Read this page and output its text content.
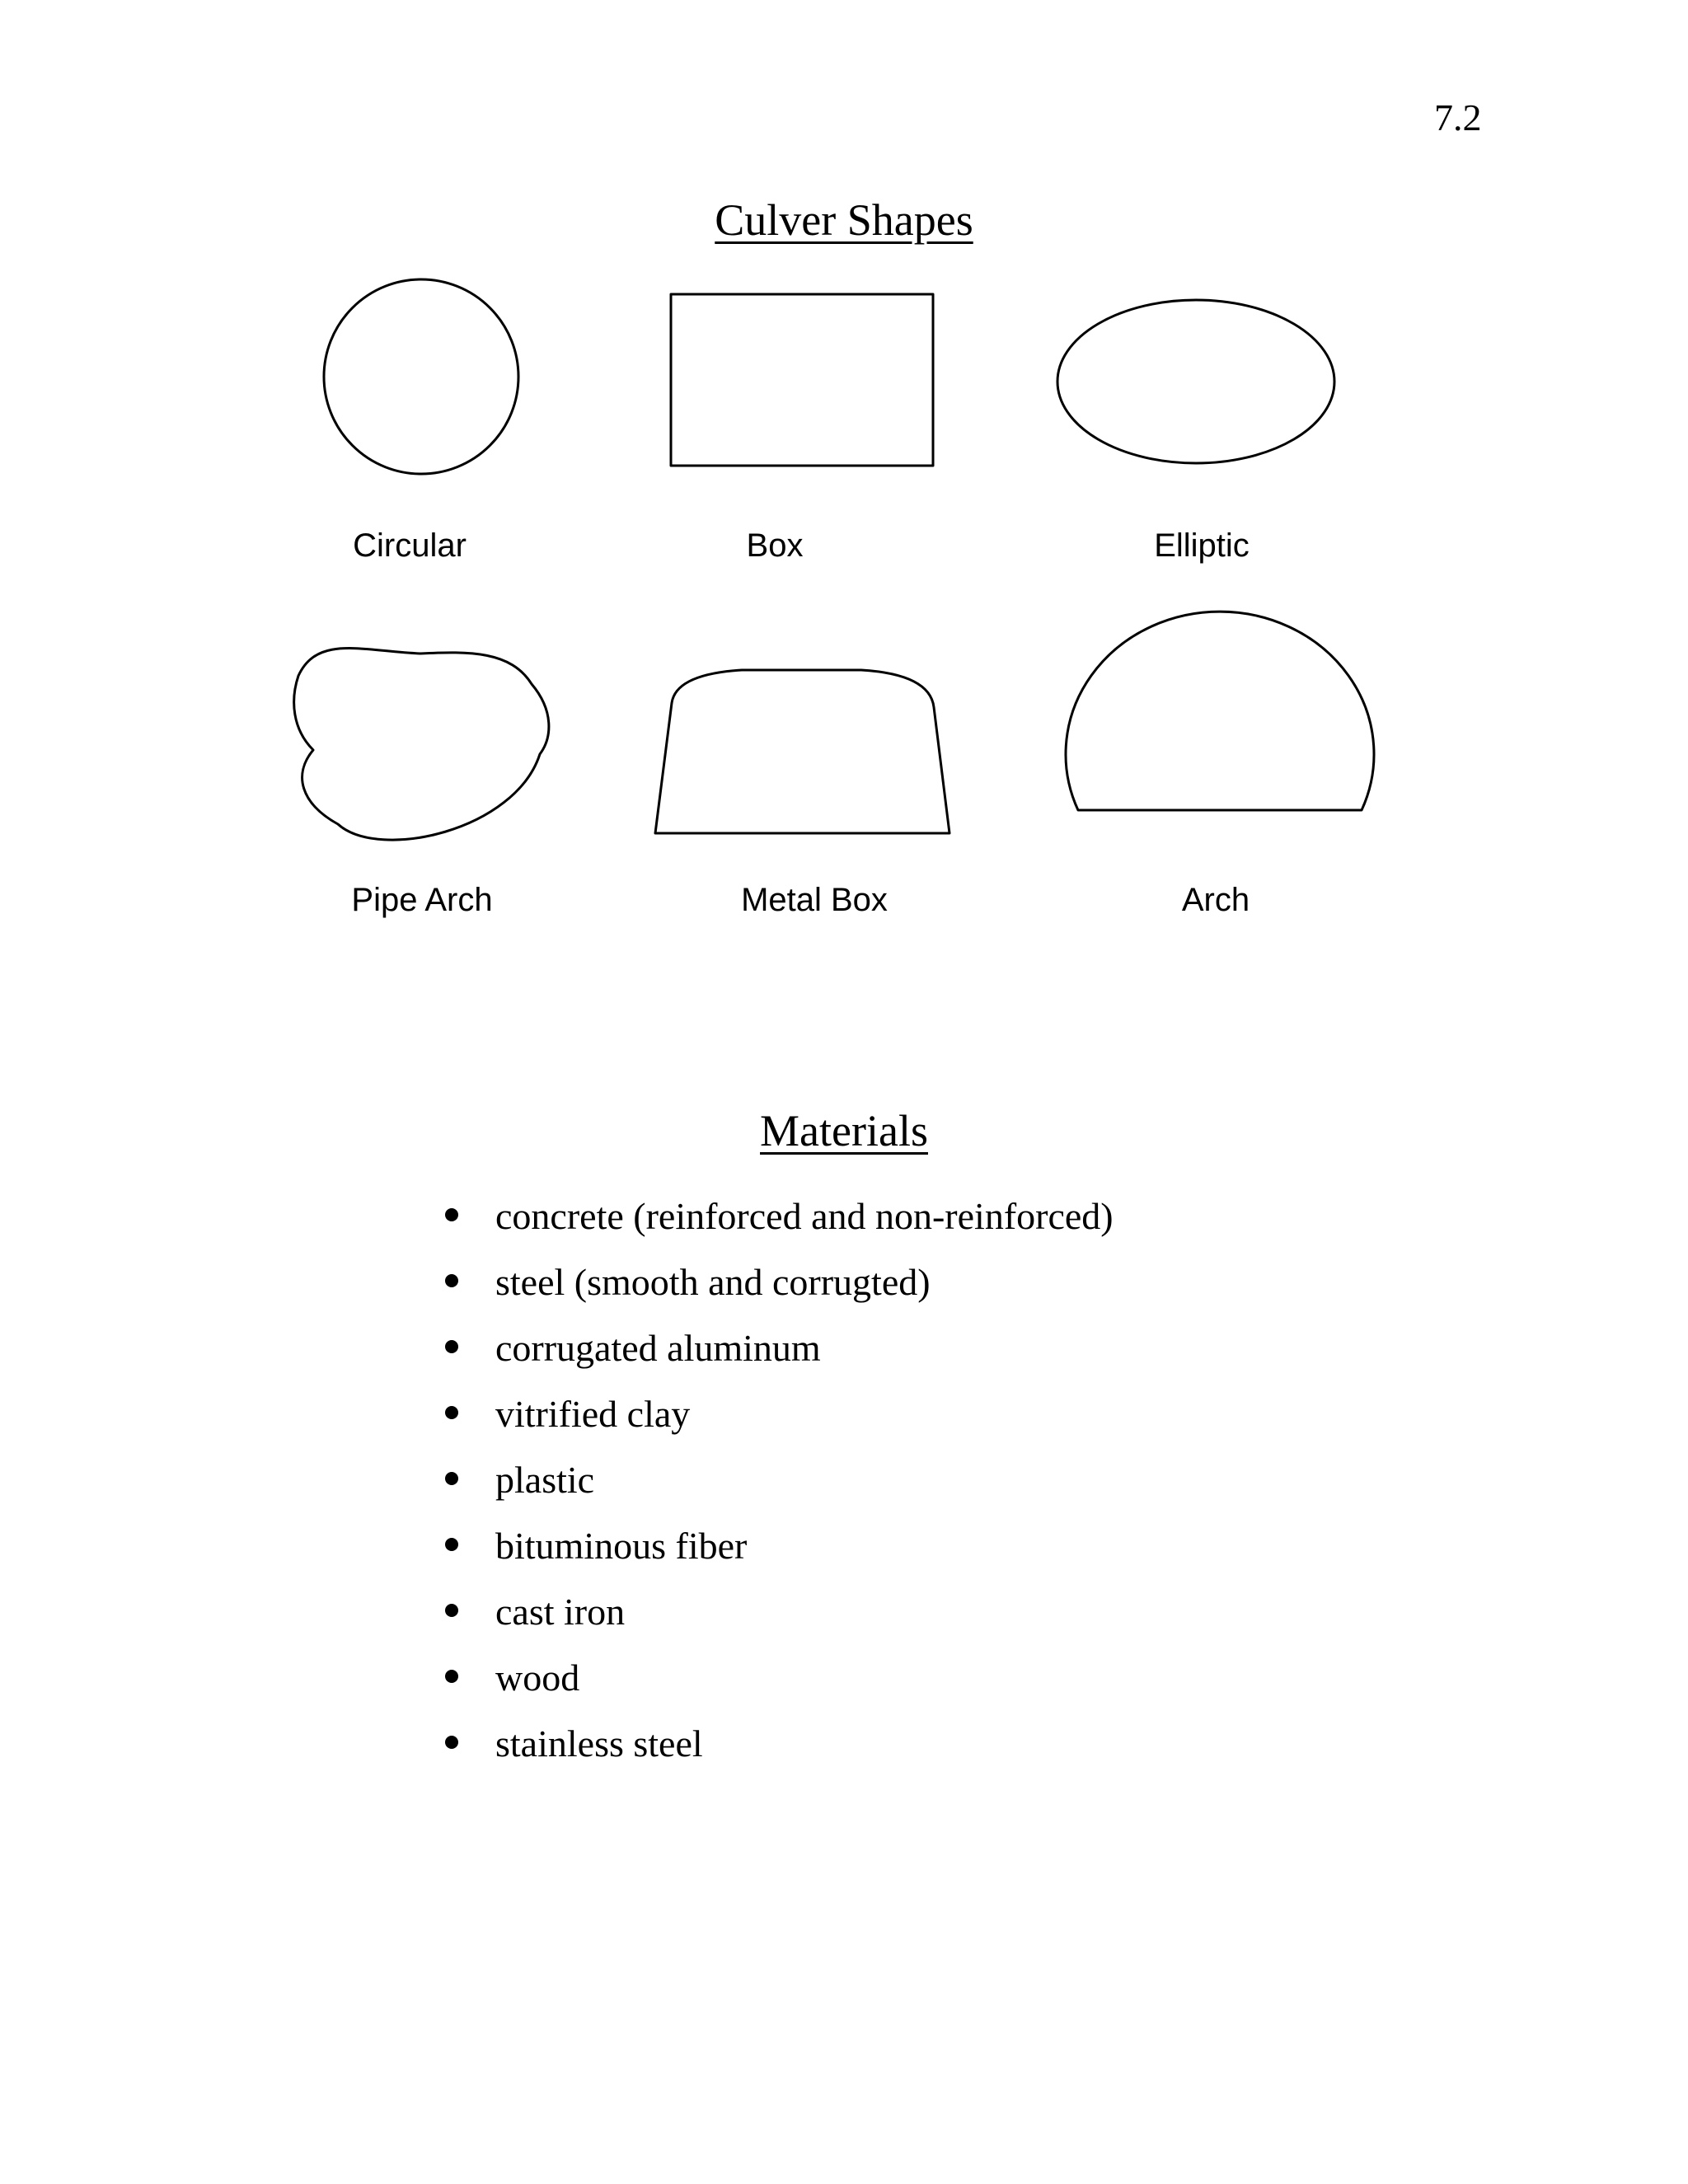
7.2
Culver Shapes
Circular	Box	Elliptic
Pipe Arch	Metal Box	Arch
Materials
concrete (reinforced and non-reinforced)
steel (smooth and corrugted)
corrugated aluminum
vitrified clay
plastic
bituminous fiber
cast iron
wood
stainless steel
